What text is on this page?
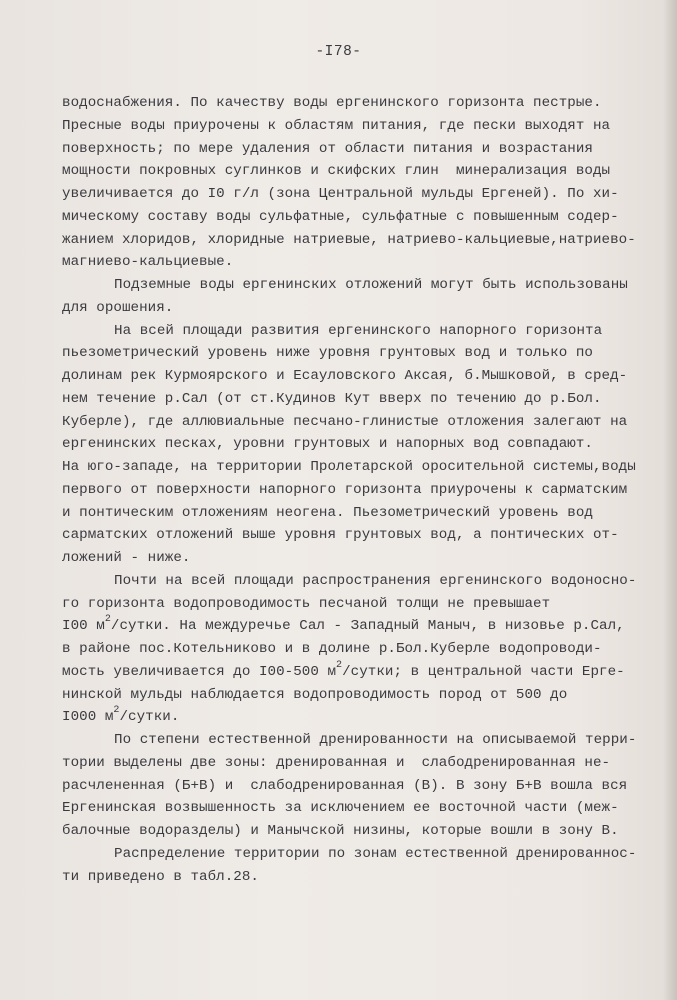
-I78-
водоснабжения. По качеству воды ергенинского горизонта пестрые.
Пресные воды приурочены к областям питания, где пески выходят на
поверхность; по мере удаления от области питания и возрастания
мощности покровных суглинков и скифских глин  минерализация воды
увеличивается до I0 г/л (зона Центральной мульды Ергеней). По хи-
мическому составу воды сульфатные, сульфатные с повышенным содер-
жанием хлоридов, хлоридные натриевые, натриево-кальциевые,натриево-
магниево-кальциевые.
Подземные воды ергенинских отложений могут быть использованы
для орошения.
На всей площади развития ергенинского напорного горизонта
пьезометрический уровень ниже уровня грунтовых вод и только по
долинам рек Курмоярского и Есауловского Аксая, б.Мышковой, в сред-
нем течение р.Сал (от ст.Кудинов Кут вверх по течению до р.Бол.
Куберле), где аллювиальные песчано-глинистые отложения залегают на
ергенинских песках, уровни грунтовых и напорных вод совпадают.
На юго-западе, на территории Пролетарской оросительной системы,воды
первого от поверхности напорного горизонта приурочены к сарматским
и понтическим отложениям неогена. Пьезометрический уровень вод
сарматских отложений выше уровня грунтовых вод, а понтических от-
ложений - ниже.
Почти на всей площади распространения ергенинского водоносно-
го горизонта водопроводимость песчаной толщи не превышает
I00 $м^2$/сутки. На междуречье Сал - Западный Маныч, в низовье р.Сал,
в районе пос.Котельниково и в долине р.Бол.Куберле водопроводи-
мость увеличивается до I00-500 $м^2$/сутки; в центральной части Ерге-
нинской мульды наблюдается водопроводимость пород от 500 до
I000 $м^2$/сутки.
По степени естественной дренированности на описываемой терри-
тории выделены две зоны: дренированная и  слабодренированная не-
расчлененная (Б+В) и  слабодренированная (В). В зону Б+В вошла вся
Ергенинская возвышенность за исключением ее восточной части (меж-
балочные водоразделы) и Манычской низины, которые вошли в зону В.
Распределение территории по зонам естественной дренированнос-
ти приведено в табл.28.
